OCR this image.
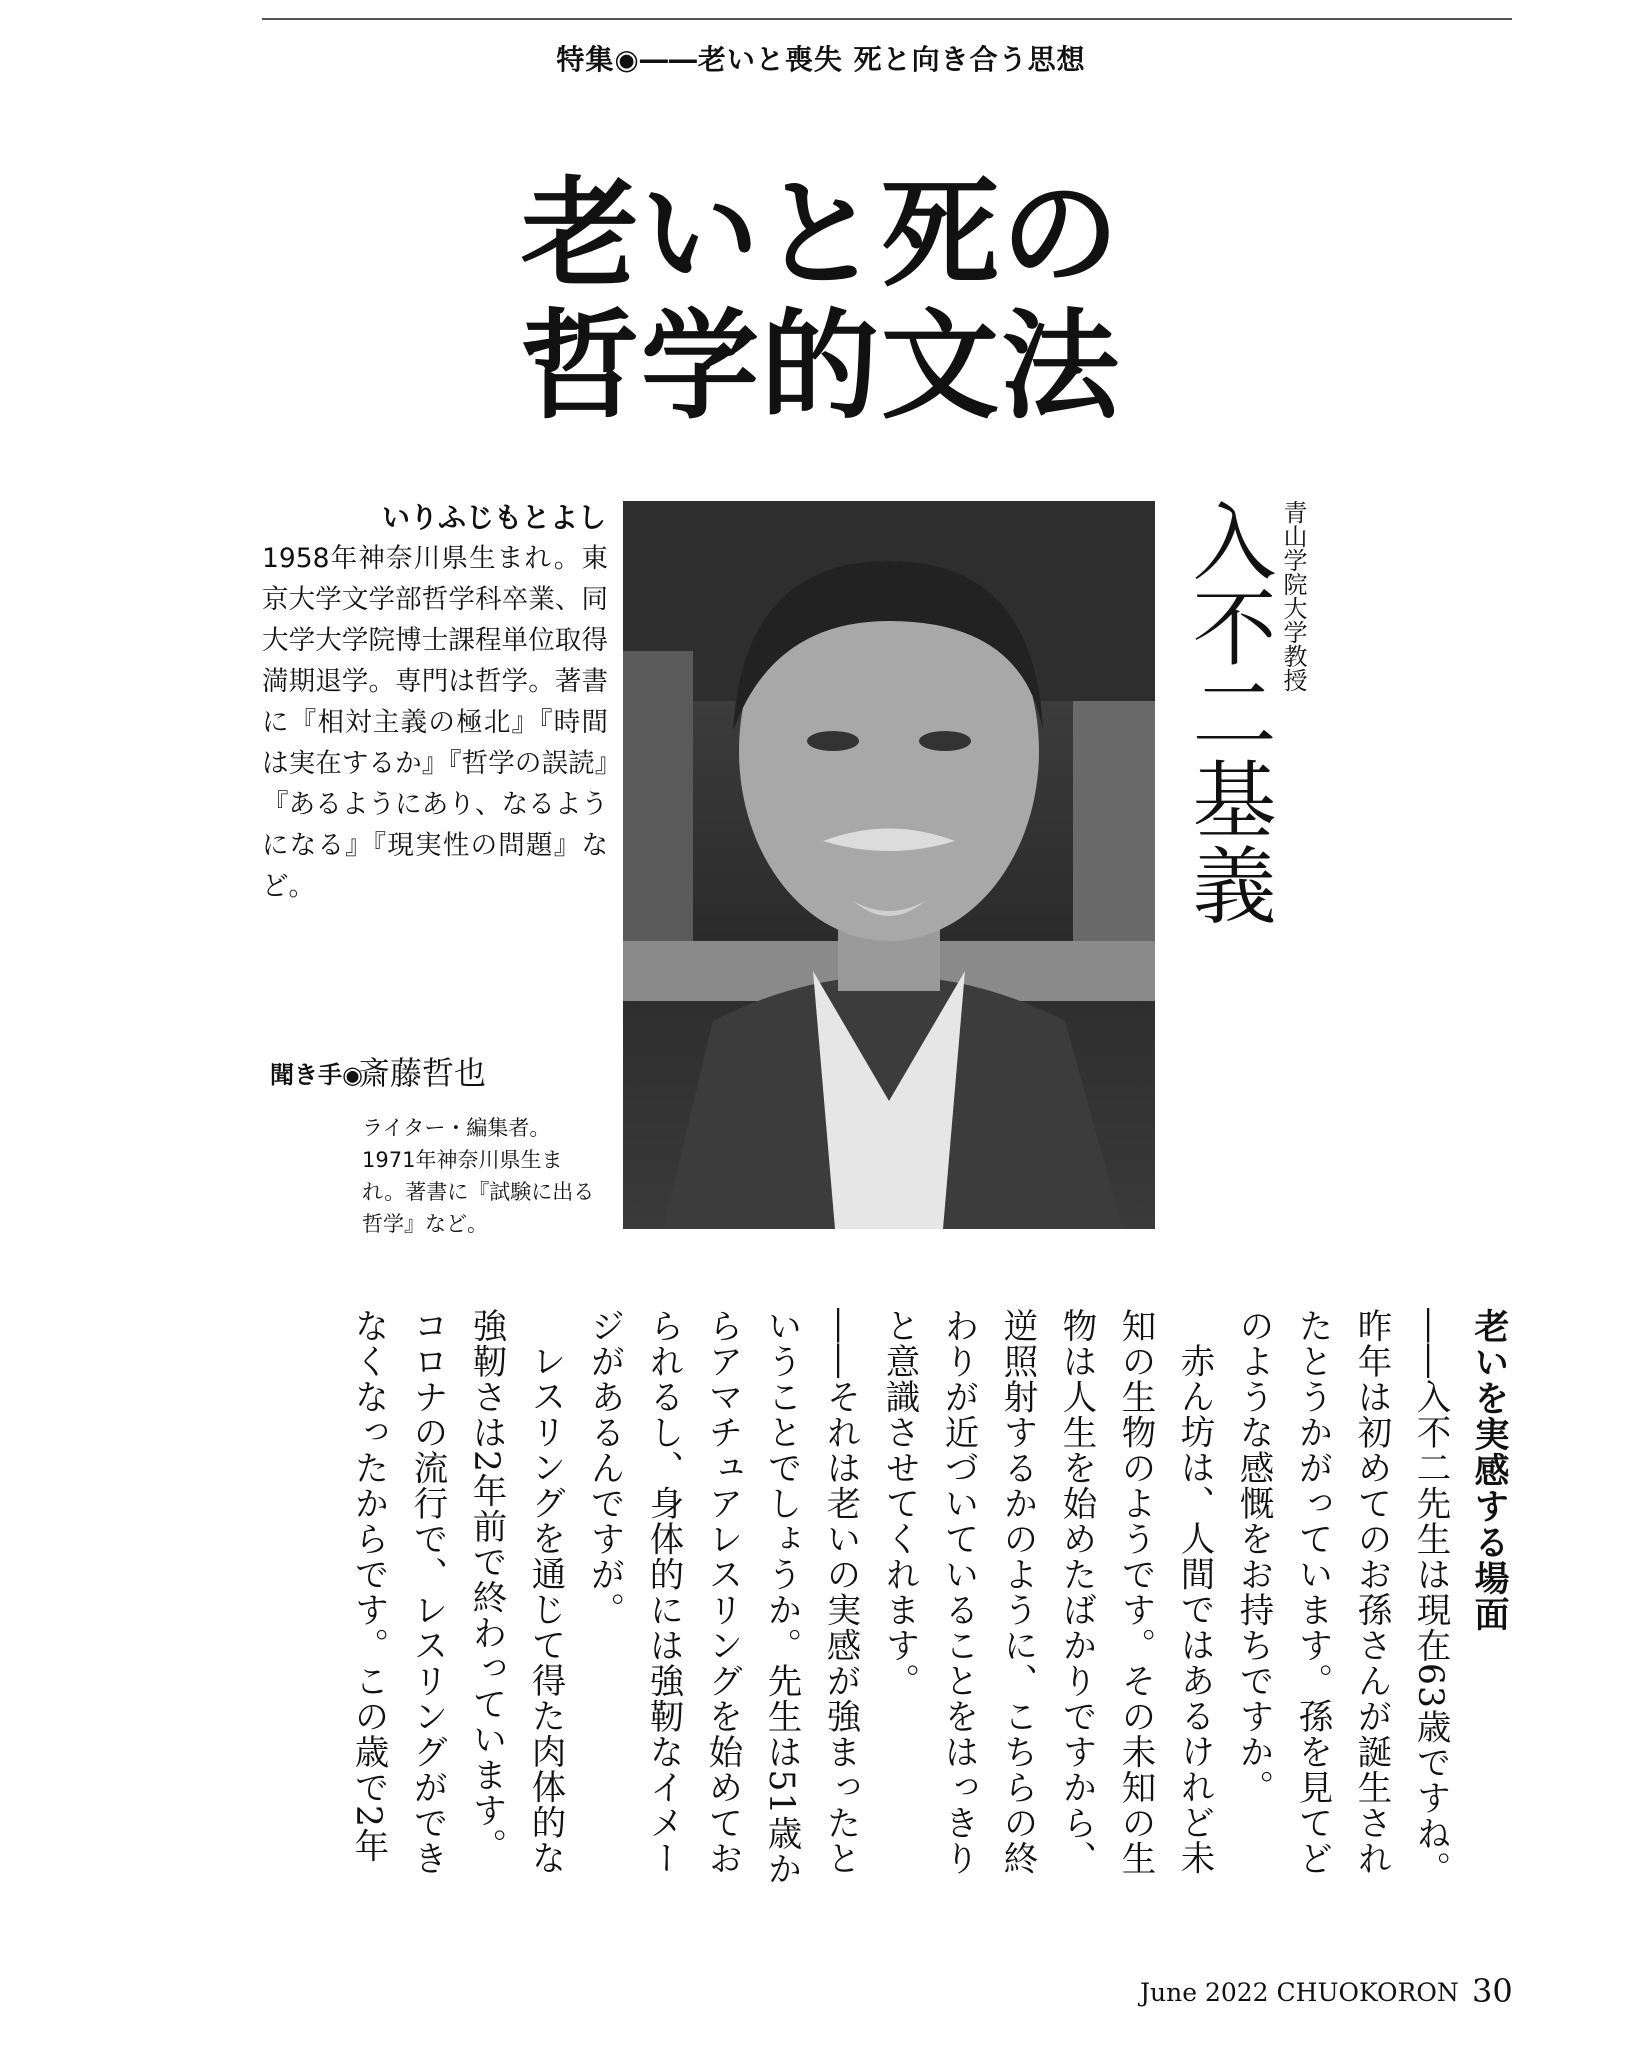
特集◉――老いと喪失 死と向き合う思想
老いと死の
哲学的文法
いりふじもとよし
1958年神奈川県生まれ。東京大学文学部哲学科卒業、同大学大学院博士課程単位取得満期退学。専門は哲学。著書に『相対主義の極北』『時間は実在するか』『哲学の誤読』『あるようにあり、なるようになる』『現実性の問題』など。
聞き手◉
斎藤哲也
ライター・編集者。1971年神奈川県生まれ。著書に『試験に出る哲学』など。
青山学院大学教授
入不二基義

老いを実感する場面

――入不二先生は現在63歳ですね。昨年は初めてのお孫さんが誕生されたとうかがっています。孫を見てどのような感慨をお持ちですか。

赤ん坊は、人間ではあるけれど未知の生物のようです。その未知の生物は人生を始めたばかりですから、逆照射するかのように、こちらの終わりが近づいていることをはっきりと意識させてくれます。

――それは老いの実感が強まったということでしょうか。先生は51歳からアマチュアレスリングを始めておられるし、身体的には強靭なイメージがあるんですが。

レスリングを通じて得た肉体的な強靭さは2年前で終わっています。コロナの流行で、レスリングができなくなったからです。この歳で2年

June 2022 CHUOKORON 30
